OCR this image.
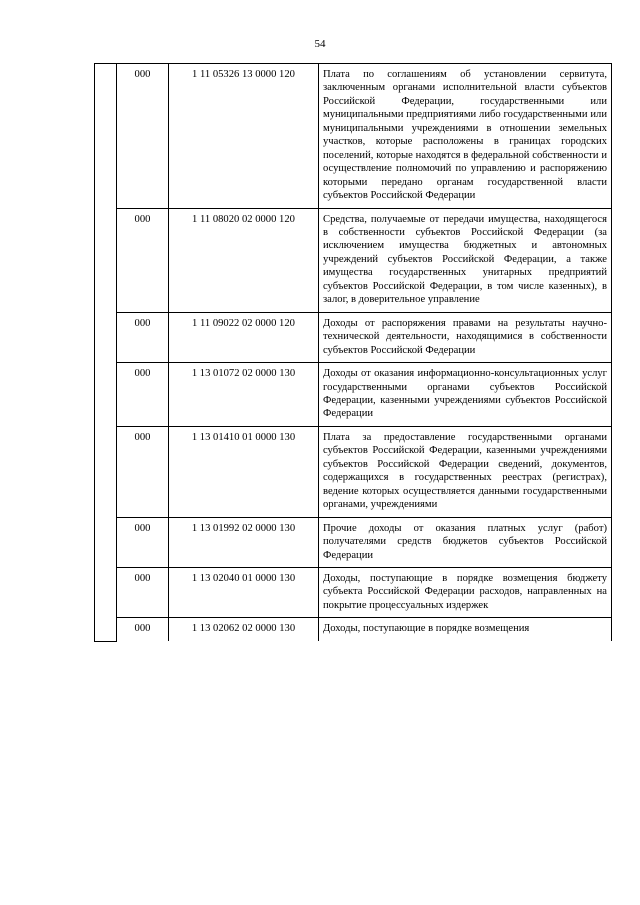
54
	000	1 11 05326 13 0000 120	Плата по соглашениям об установлении сервитута, заключенным органами исполнительной власти субъектов Российской Федерации, государственными или муниципальными предприятиями либо государственными или муниципальными учреждениями в отношении земельных участков, которые расположены в границах городских поселений, которые находятся в федеральной собственности и осуществление полномочий по управлению и распоряжению которыми передано органам государственной власти субъектов Российской Федерации
	000	1 11 08020 02 0000 120	Средства, получаемые от передачи имущества, находящегося в собственности субъектов Российской Федерации (за исключением имущества бюджетных и автономных учреждений субъектов Российской Федерации, а также имущества государственных унитарных предприятий субъектов Российской Федерации, в том числе казенных), в залог, в доверительное управление
	000	1 11 09022 02 0000 120	Доходы от распоряжения правами на результаты научно-технической деятельности, находящимися в собственности субъектов Российской Федерации
	000	1 13 01072 02 0000 130	Доходы от оказания информационно-консультационных услуг государственными органами субъектов Российской Федерации, казенными учреждениями субъектов Российской Федерации
	000	1 13 01410 01 0000 130	Плата за предоставление государственными органами субъектов Российской Федерации, казенными учреждениями субъектов Российской Федерации сведений, документов, содержащихся в государственных реестрах (регистрах), ведение которых осуществляется данными государственными органами, учреждениями
	000	1 13 01992 02 0000 130	Прочие доходы от оказания платных услуг (работ) получателями средств бюджетов субъектов Российской Федерации
	000	1 13 02040 01 0000 130	Доходы, поступающие в порядке возмещения бюджету субъекта Российской Федерации расходов, направленных на покрытие процессуальных издержек
	000	1 13 02062 02 0000 130	Доходы, поступающие в порядке возмещения
